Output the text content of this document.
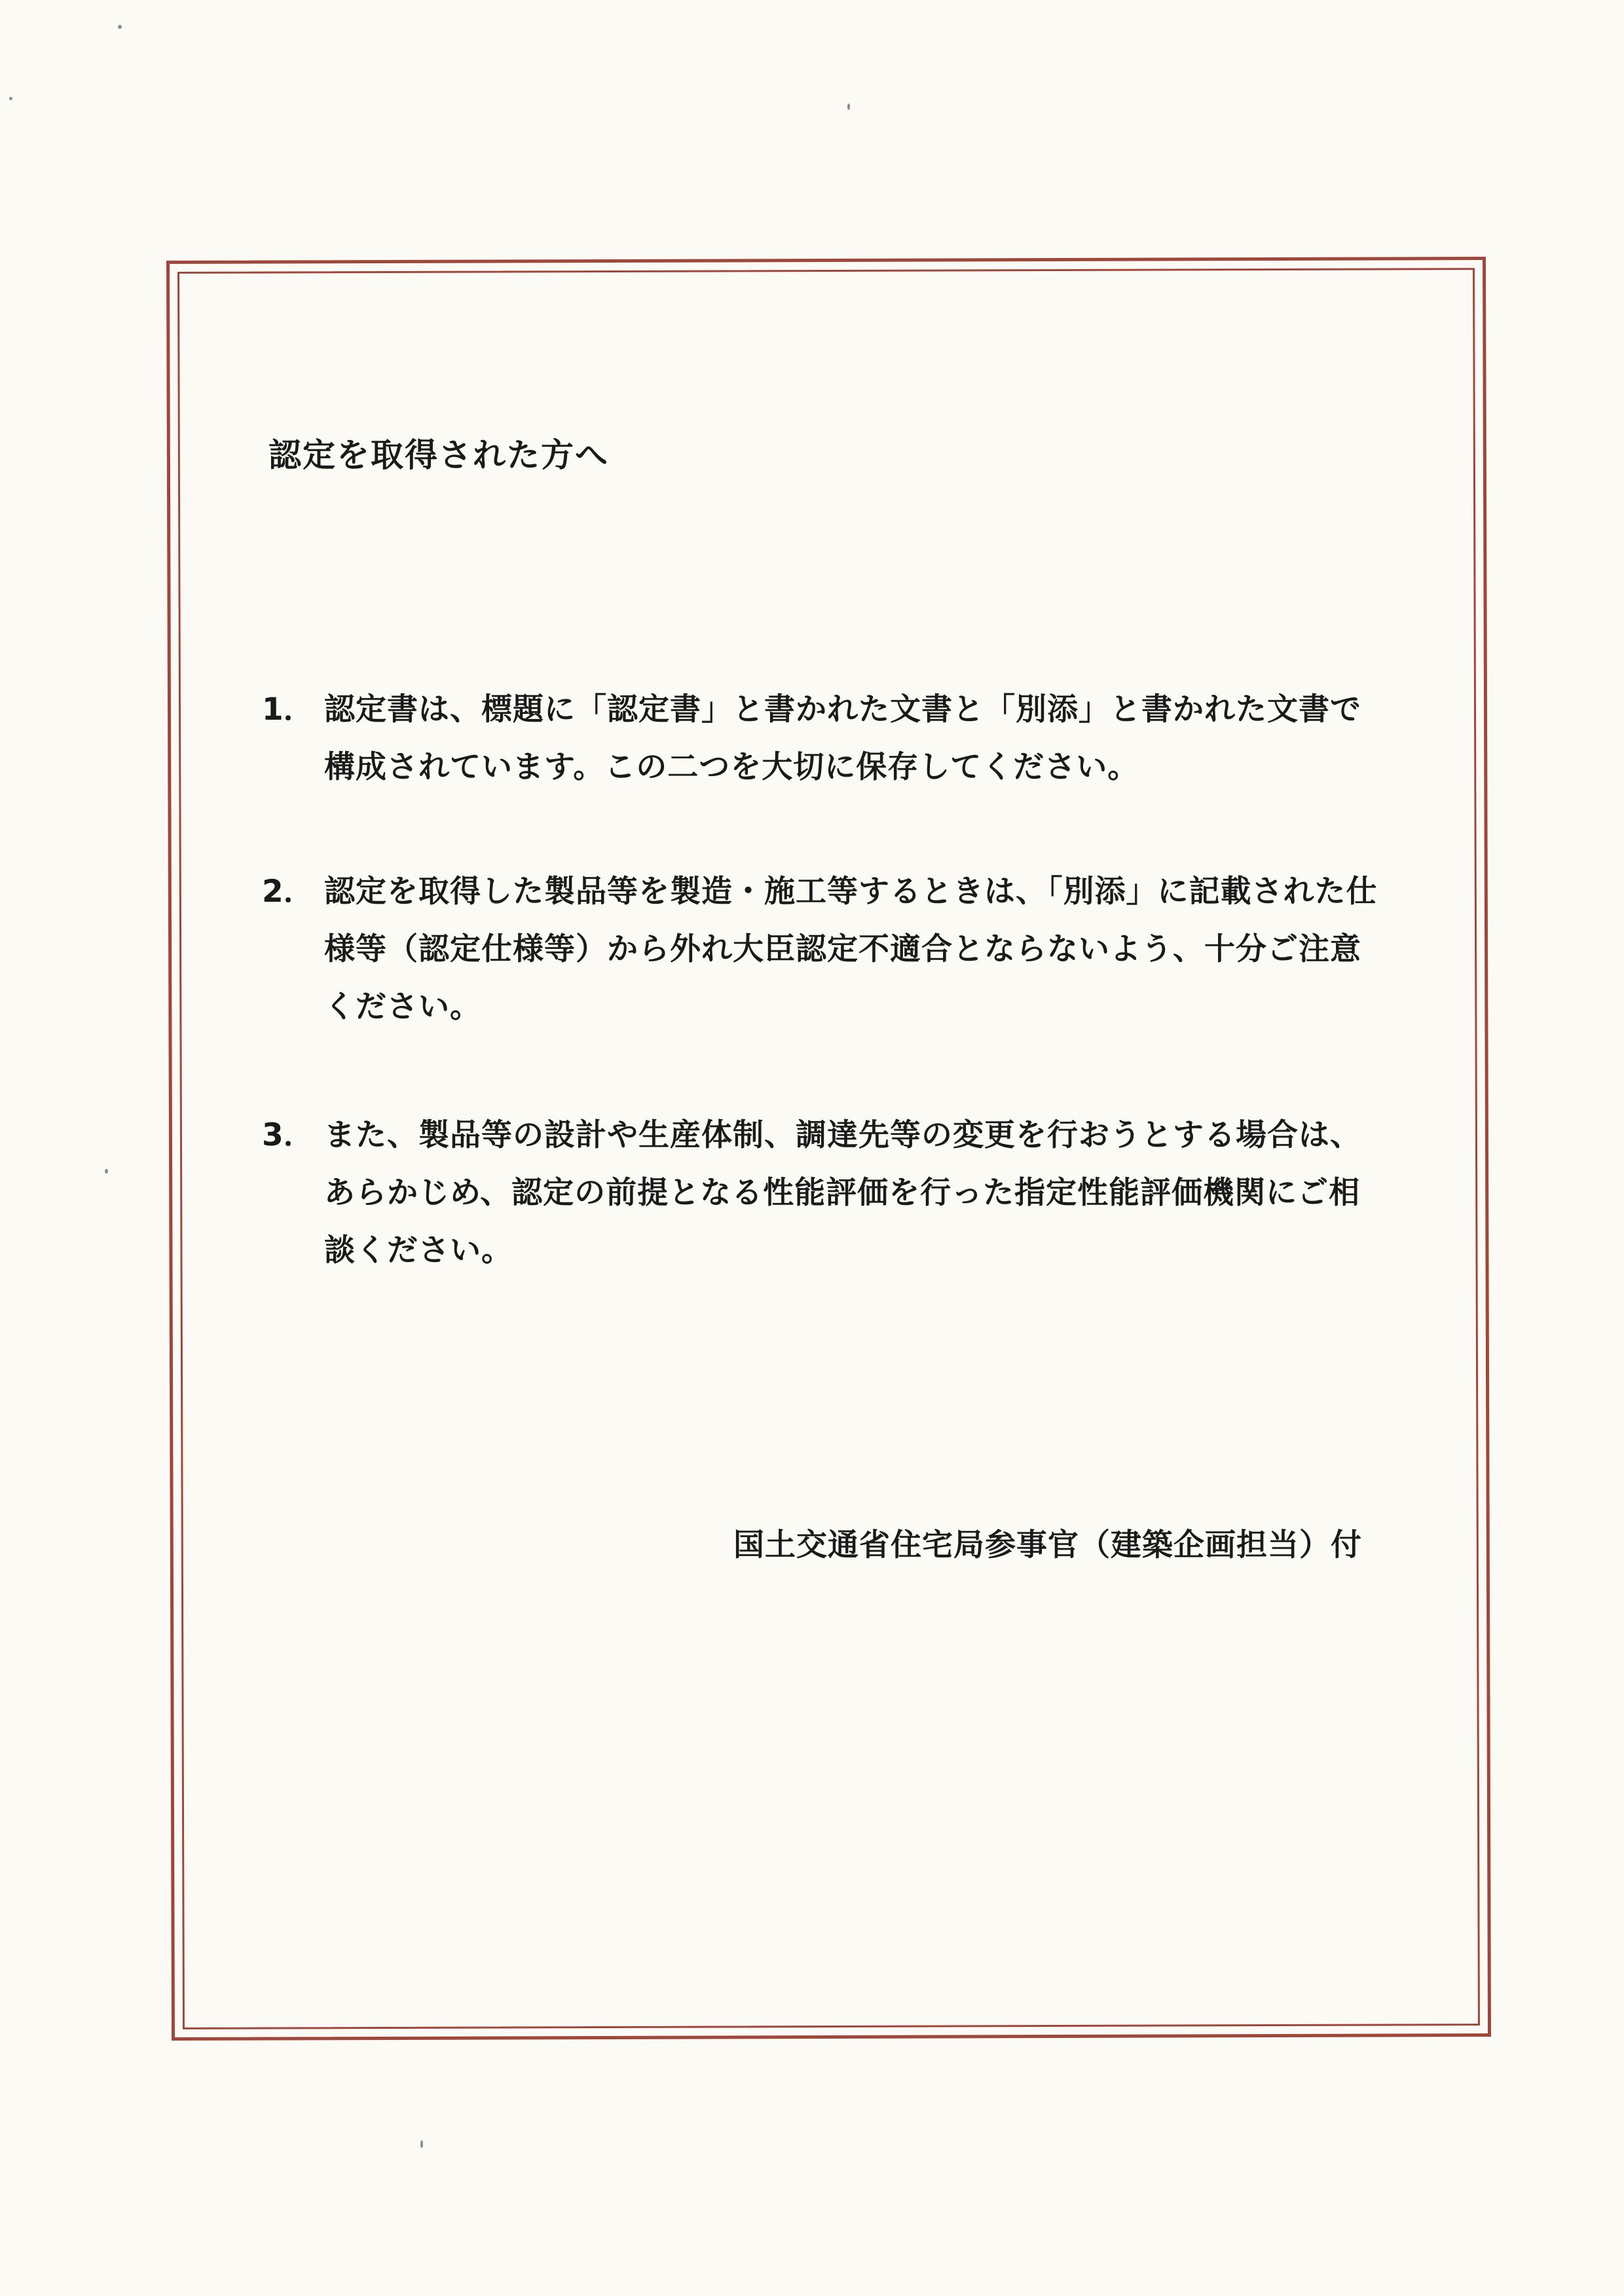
認定を取得された方へ
1． 認定書は、標題に「認定書」と書かれた文書と「別添」と書かれた文書で構成されています。この二つを大切に保存してください。
2． 認定を取得した製品等を製造・施工等するときは、「別添」に記載された仕様等（認定仕様等）から外れ大臣認定不適合とならないよう、十分ご注意ください。
3． また、製品等の設計や生産体制、調達先等の変更を行おうとする場合は、あらかじめ、認定の前提となる性能評価を行った指定性能評価機関にご相談ください。
国土交通省住宅局参事官（建築企画担当）付
